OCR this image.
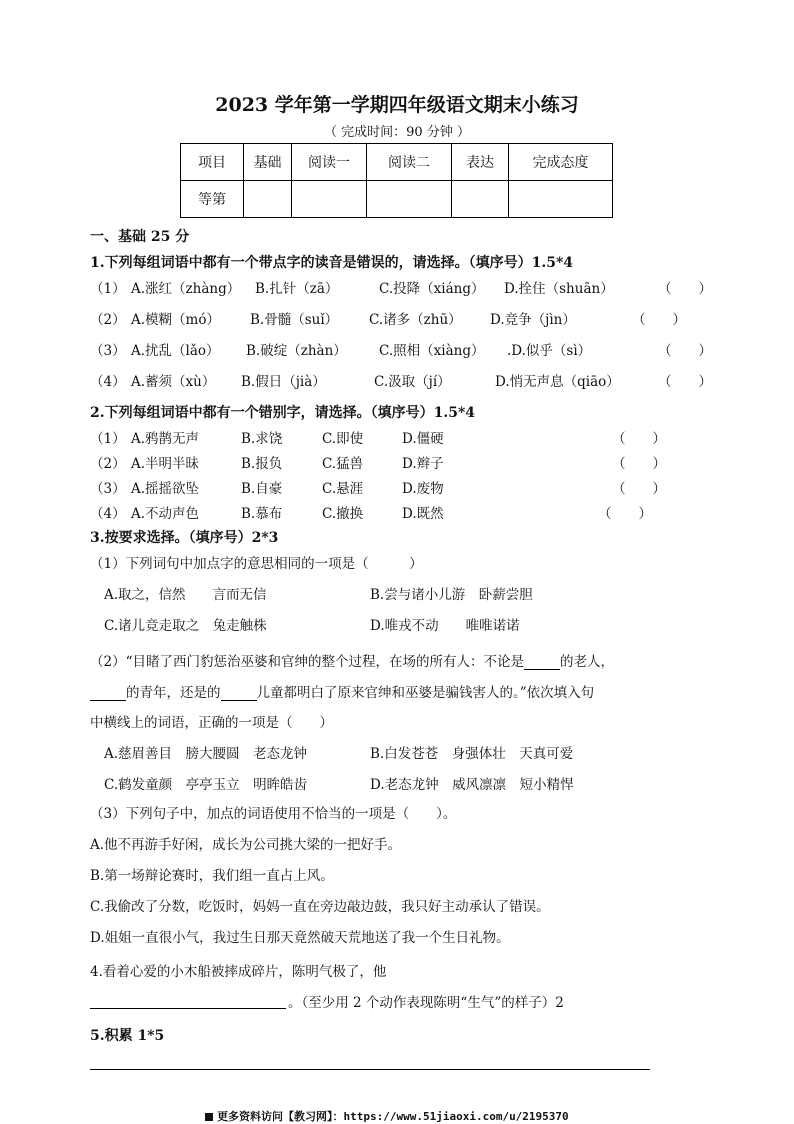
2023 学年第一学期四年级语文期末小练习
（ 完成时间：90 分钟 ）
项目	基础	阅读一	阅读二	表达	完成态度
等第					
一、基础 25 分
1.下列每组词语中都有一个带点字的读音是错误的，请选择。（填序号）1.5*4
（1） A.涨红（zhàng） B.扎针（zā）	C.投降（xiáng） D.拴住（shuān）	（　　）
（2） A.模糊（mó） B.骨髓（suǐ） C.诸多（zhū） D.竞争（jìn）	（　　）
（3） A.扰乱（lǎo） B.破绽（zhàn） C.照相（xiàng） .D.似乎（sì）	（　　）
（4） A.蓄须（xù） B.假日（jià）	C.汲取（jí）	D.悄无声息（qiāo）	（　　）
2.下列每组词语中都有一个错别字，请选择。（填序号）1.5*4
（1） A.鸦鹊无声	B.求饶	C.即使	D.僵硬	（　　）
（2） A.半明半昧	B.报负	C.猛兽	D.辫子	（　　）
（3） A.摇摇欲坠	B.自豪	C.悬涯	D.废物	（　　）
（4） A.不动声色	B.慕布	C.撤换	D.既然	（　　）
3.按要求选择。（填序号）2*3
（1）下列词句中加点字的意思相同的一项是（　　　）
A.取之，信然　　言而无信	B.尝与诸小儿游　卧薪尝胆
C.诸儿竞走取之　兔走触株	D.唯戎不动　　唯唯诺诺
（2）“目睹了西门豹惩治巫婆和官绅的整个过程，在场的所有人：不论是	的老人，
的青年，还是的	儿童都明白了原来官绅和巫婆是骗钱害人的。”依次填入句
中横线上的词语，正确的一项是（　　）
A.慈眉善目　膀大腰圆　老态龙钟	B.白发苍苍　身强体壮　天真可爱
C.鹤发童颜　亭亭玉立　明眸皓齿	D.老态龙钟　威风凛凛　短小精悍
（3）下列句子中，加点的词语使用不恰当的一项是（　　）。
A.他不再游手好闲，成长为公司挑大梁的一把好手。
B.第一场辩论赛时，我们组一直占上风。
C.我偷改了分数，吃饭时，妈妈一直在旁边敲边鼓，我只好主动承认了错误。
D.姐姐一直很小气，我过生日那天竟然破天荒地送了我一个生日礼物。
4.看着心爱的小木船被摔成碎片，陈明气极了，他
。（至少用 2 个动作表现陈明“生气”的样子）2
5.积累 1*5
更多资料访问【教习网】：https://www.51jiaoxi.com/u/2195370
